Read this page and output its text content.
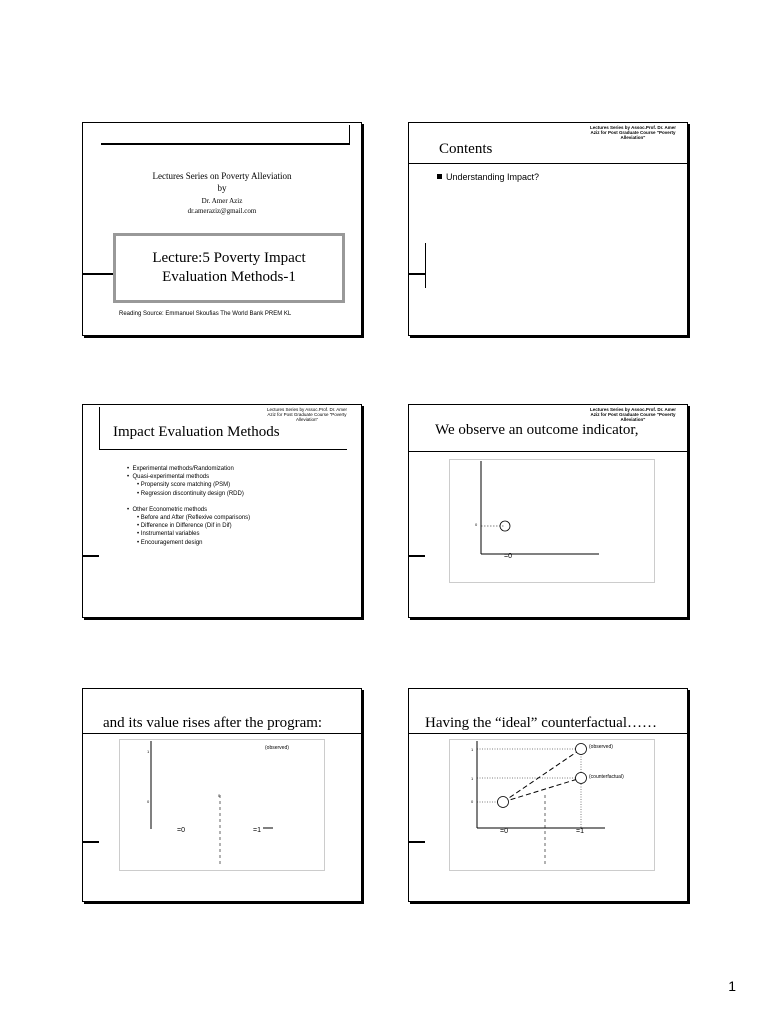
Lectures Series on Poverty Alleviation
by
Dr. Amer Aziz
dr.ameraziz@gmail.com
Lecture:5 Poverty Impact
Evaluation Methods-1
Reading Source: Emmanuel Skoufias The World Bank PREM KL
Lectures Series by Assoc.Prof. Dr. Amer
Aziz for Post Graduate Course "Poverty
Alleviation"
Contents
Understanding Impact?
Lectures Series by Assoc.Prof. Dr. Amer
Aziz for Post Graduate Course "Poverty
Alleviation"
Impact Evaluation Methods
•  Experimental methods/Randomization
•  Quasi-experimental methods
• Propensity score matching (PSM)
• Regression discontinuity design (RDD)
•  Other Econometric methods
• Before and After (Reflexive comparisons)
• Difference in Difference (Dif in Dif)
• Instrumental variables
• Encouragement design
Lectures Series by Assoc.Prof. Dr. Amer
Aziz for Post Graduate Course "Poverty
Alleviation"
We observe an outcome indicator,
0
=0
and its value rises after the program:
(observed)
1
0
0
=0	=1
Having the “ideal” counterfactual……
(observed)
(counterfactual)
1
1
0
=0	=1
1
